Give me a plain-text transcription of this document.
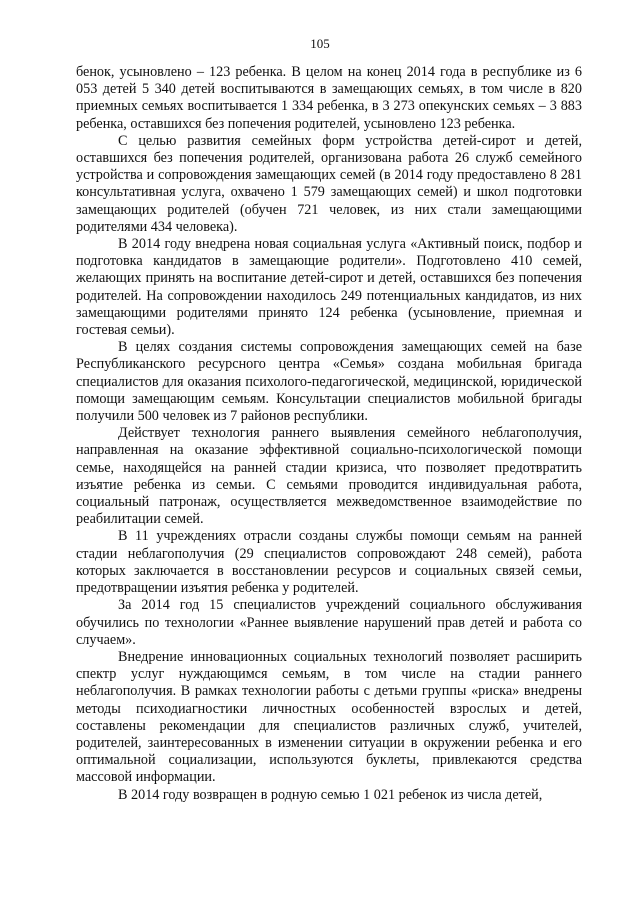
105

бенок, усыновлено – 123 ребенка. В целом на конец 2014 года в республике из 6 053 детей 5 340 детей воспитываются в замещающих семьях, в том числе в 820 приемных семьях воспитывается 1 334 ребенка, в 3 273 опекунских семьях – 3 883 ребенка, оставшихся без попечения родителей, усыновлено 123 ребенка.

С целью развития семейных форм устройства детей-сирот и детей, оставшихся без попечения родителей, организована работа 26 служб семейного устройства и сопровождения замещающих семей (в 2014 году предоставлено 8 281 консультативная услуга, охвачено 1 579 замещающих семей) и школ подготовки замещающих родителей (обучен 721 человек, из них стали замещающими родителями 434 человека).

В 2014 году внедрена новая социальная услуга «Активный поиск, подбор и подготовка кандидатов в замещающие родители». Подготовлено 410 семей, желающих принять на воспитание детей-сирот и детей, оставшихся без попечения родителей. На сопровождении находилось 249 потенциальных кандидатов, из них замещающими родителями принято 124 ребенка (усыновление, приемная и гостевая семьи).

В целях создания системы сопровождения замещающих семей на базе Республиканского ресурсного центра «Семья» создана мобильная бригада специалистов для оказания психолого-педагогической, медицинской, юридической помощи замещающим семьям. Консультации специалистов мобильной бригады получили 500 человек из 7 районов республики.

Действует технология раннего выявления семейного неблагополучия, направленная на оказание эффективной социально-психологической помощи семье, находящейся на ранней стадии кризиса, что позволяет предотвратить изъятие ребенка из семьи. С семьями проводится индивидуальная работа, социальный патронаж, осуществляется межведомственное взаимодействие по реабилитации семей.

В 11 учреждениях отрасли созданы службы помощи семьям на ранней стадии неблагополучия (29 специалистов сопровождают 248 семей), работа которых заключается в восстановлении ресурсов и социальных связей семьи, предотвращении изъятия ребенка у родителей.

За 2014 год 15 специалистов учреждений социального обслуживания обучились по технологии «Раннее выявление нарушений прав детей и работа со случаем».

Внедрение инновационных социальных технологий позволяет расширить спектр услуг нуждающимся семьям, в том числе на стадии раннего неблагополучия. В рамках технологии работы с детьми группы «риска» внедрены методы психодиагностики личностных особенностей взрослых и детей, составлены рекомендации для специалистов различных служб, учителей, родителей, заинтересованных в изменении ситуации в окружении ребенка и его оптимальной социализации, используются буклеты, привлекаются средства массовой информации.

В 2014 году возвращен в родную семью 1 021 ребенок из числа детей,
